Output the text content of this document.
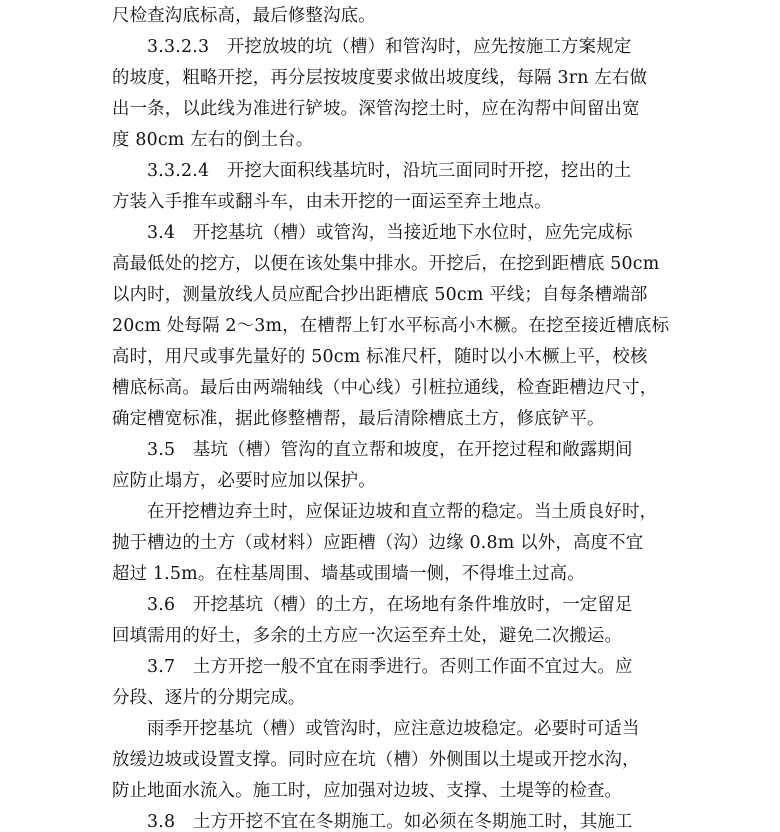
尺检查沟底标高，最后修整沟底。
3.3.2.3　开挖放坡的坑（槽）和管沟时，应先按施工方案规定
的坡度，粗略开挖，再分层按坡度要求做出坡度线，每隔 3rn 左右做
出一条，以此线为准进行铲坡。深管沟挖土时，应在沟帮中间留出宽
度 80cm 左右的倒土台。
3.3.2.4　开挖大面积线基坑时，沿坑三面同时开挖，挖出的土
方装入手推车或翻斗车，由未开挖的一面运至弃土地点。
3.4　开挖基坑（槽）或管沟，当接近地下水位时，应先完成标
高最低处的挖方，以便在该处集中排水。开挖后，在挖到距槽底 50cm
以内时，测量放线人员应配合抄出距槽底 50cm 平线；自每条槽端部
20cm 处每隔 2～3m，在槽帮上钉水平标高小木橛。在挖至接近槽底标
高时，用尺或事先量好的 50cm 标准尺杆，随时以小木橛上平，校核
槽底标高。最后由两端轴线（中心线）引桩拉通线，检查距槽边尺寸，
确定槽宽标准，据此修整槽帮，最后清除槽底土方，修底铲平。
3.5　基坑（槽）管沟的直立帮和坡度，在开挖过程和敞露期间
应防止塌方，必要时应加以保护。
在开挖槽边弃土时，应保证边坡和直立帮的稳定。当土质良好时，
抛于槽边的土方（或材料）应距槽（沟）边缘 0.8m 以外，高度不宜
超过 1.5m。在柱基周围、墙基或围墙一侧，不得堆土过高。
3.6　开挖基坑（槽）的土方，在场地有条件堆放时，一定留足
回填需用的好土，多余的土方应一次运至弃土处，避免二次搬运。
3.7　土方开挖一般不宜在雨季进行。否则工作面不宜过大。应
分段、逐片的分期完成。
雨季开挖基坑（槽）或管沟时，应注意边坡稳定。必要时可适当
放缓边坡或设置支撑。同时应在坑（槽）外侧围以土堤或开挖水沟，
防止地面水流入。施工时，应加强对边坡、支撑、土堤等的检查。
3.8　土方开挖不宜在冬期施工。如必须在冬期施工时，其施工
